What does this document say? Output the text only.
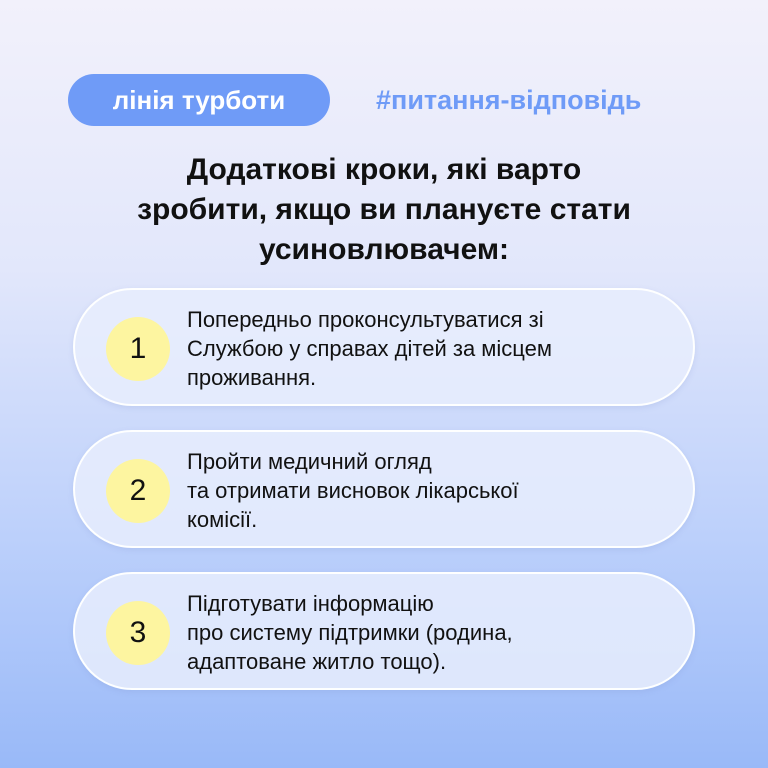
лінія турботи	#питання-відповідь
Додаткові кроки, які варто
зробити, якщо ви плануєте стати
усиновлювачем:
1
Попередньо проконсультуватися зі
Службою у справах дітей за місцем
проживання.
2
Пройти медичний огляд
та отримати висновок лікарської
комісії.
3
Підготувати інформацію
про систему підтримки (родина,
адаптоване житло тощо).
